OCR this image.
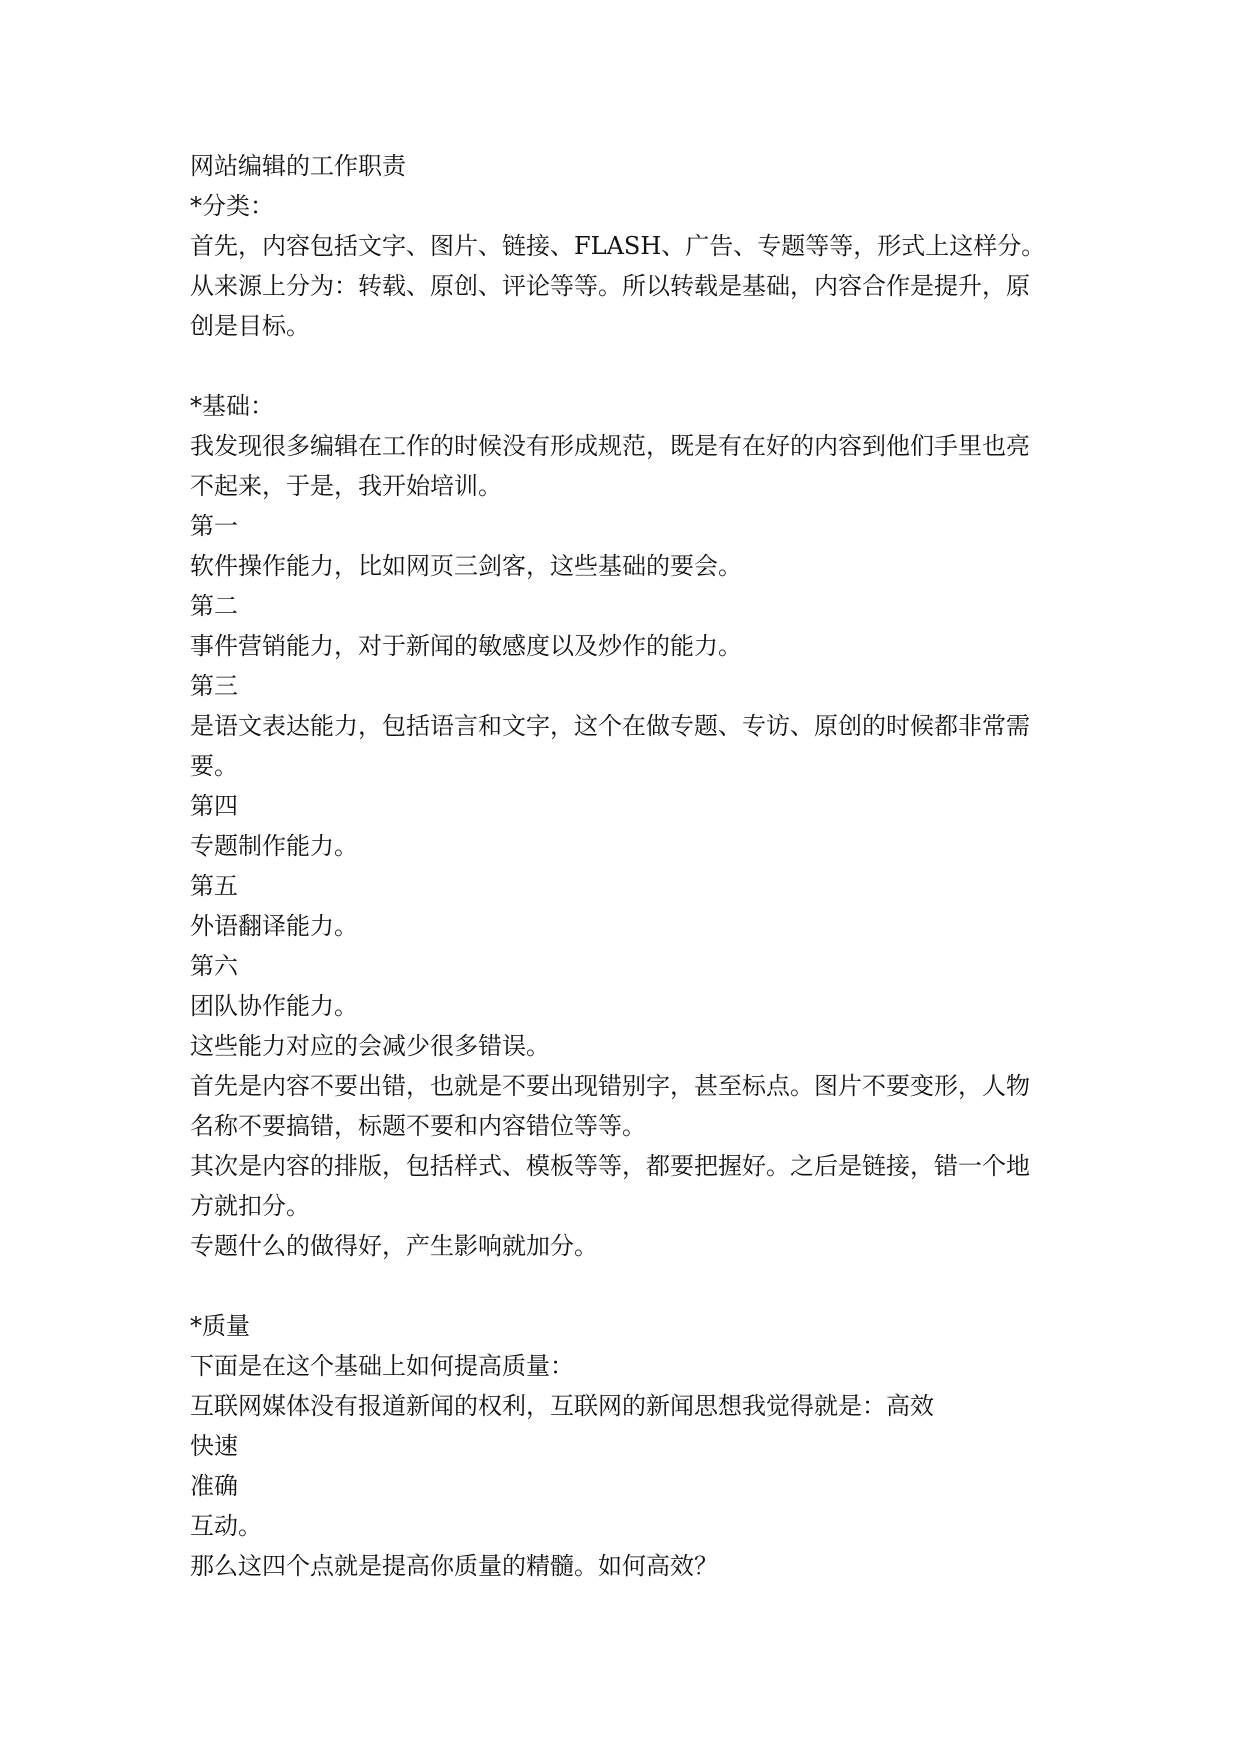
网站编辑的工作职责
*分类：
首先，内容包括文字、图片、链接、FLASH、广告、专题等等，形式上这样分。
从来源上分为：转载、原创、评论等等。所以转载是基础，内容合作是提升，原
创是目标。
*基础：
我发现很多编辑在工作的时候没有形成规范，既是有在好的内容到他们手里也亮
不起来，于是，我开始培训。
第一
软件操作能力，比如网页三剑客，这些基础的要会。
第二
事件营销能力，对于新闻的敏感度以及炒作的能力。
第三
是语文表达能力，包括语言和文字，这个在做专题、专访、原创的时候都非常需
要。
第四
专题制作能力。
第五
外语翻译能力。
第六
团队协作能力。
这些能力对应的会减少很多错误。
首先是内容不要出错，也就是不要出现错别字，甚至标点。图片不要变形，人物
名称不要搞错，标题不要和内容错位等等。
其次是内容的排版，包括样式、模板等等，都要把握好。之后是链接，错一个地
方就扣分。
专题什么的做得好，产生影响就加分。
*质量
下面是在这个基础上如何提高质量：
互联网媒体没有报道新闻的权利，互联网的新闻思想我觉得就是：高效
快速
准确
互动。
那么这四个点就是提高你质量的精髓。如何高效？
